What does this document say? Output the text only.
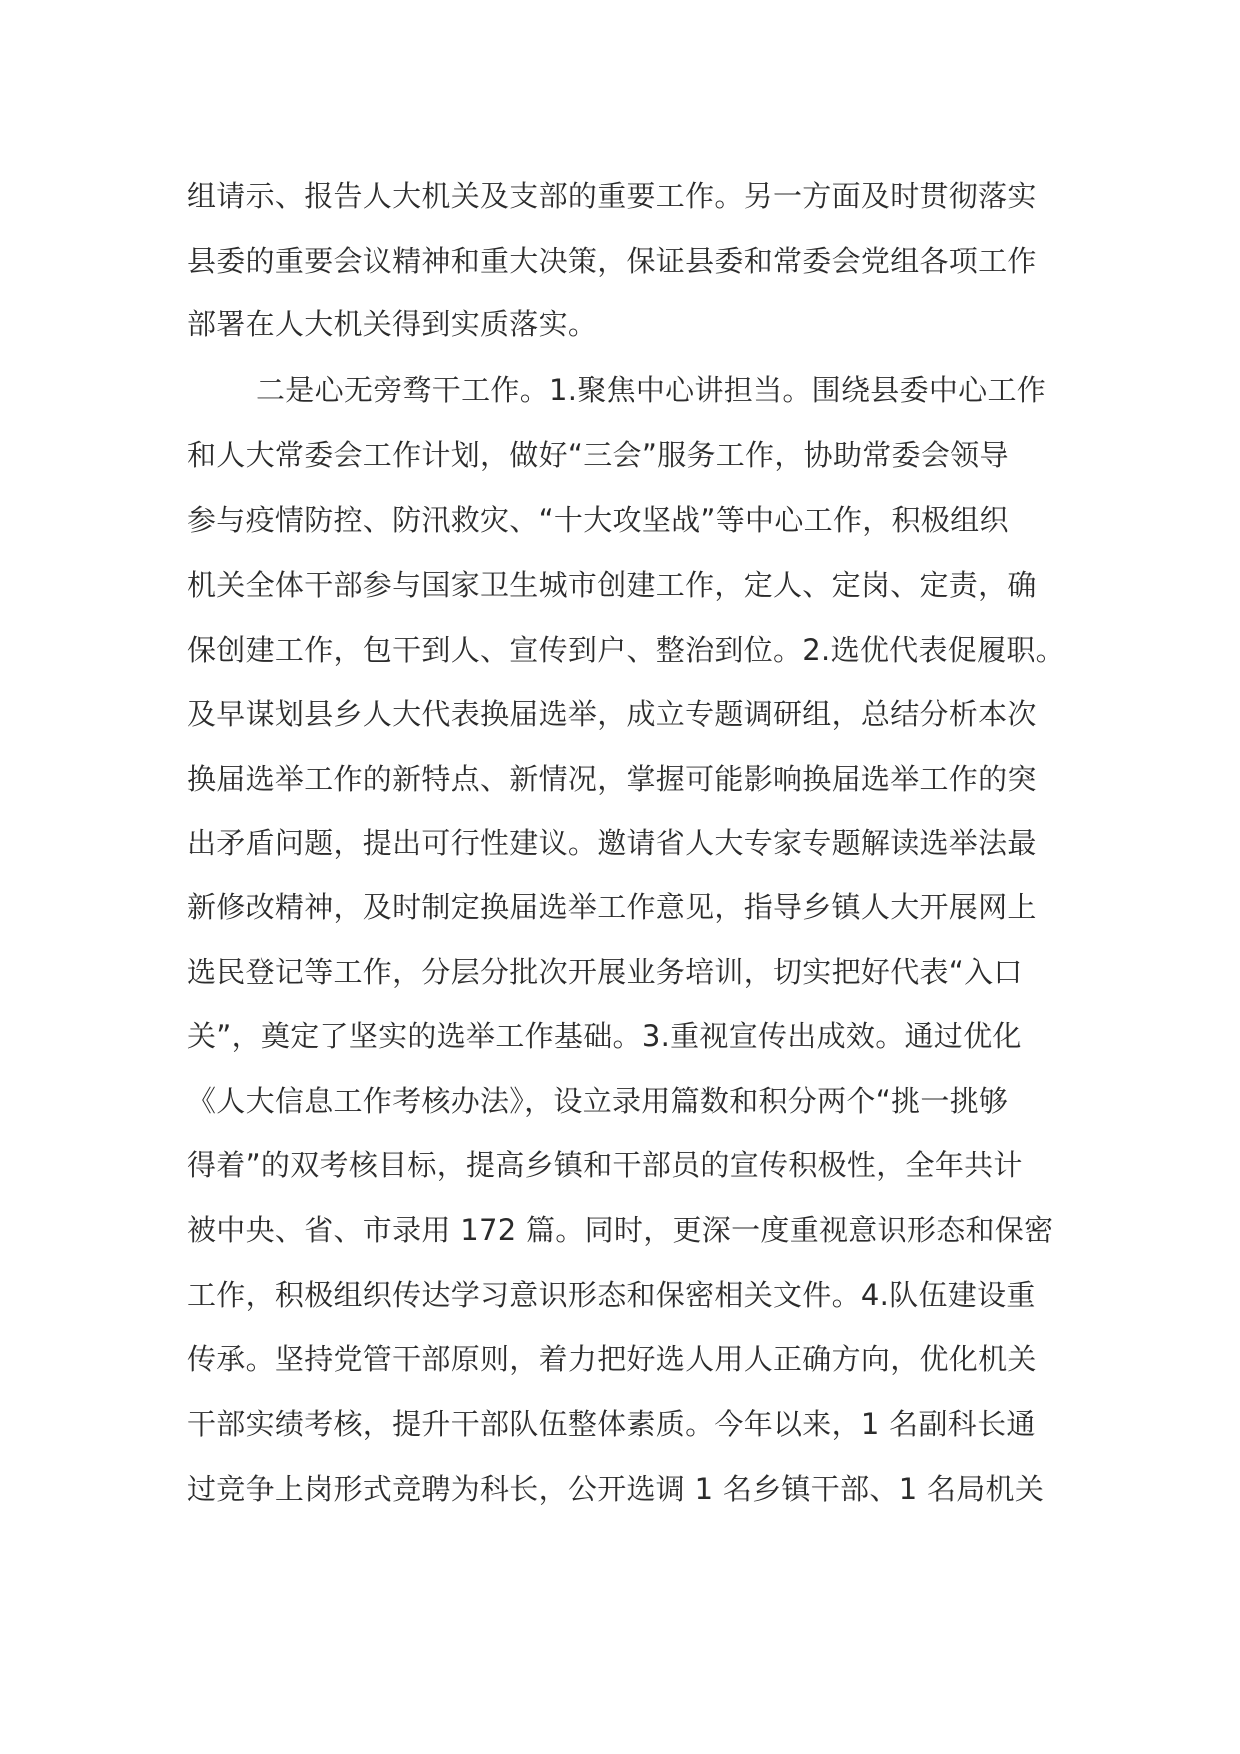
组请示、报告人大机关及支部的重要工作。另一方面及时贯彻落实
县委的重要会议精神和重大决策，保证县委和常委会党组各项工作
部署在人大机关得到实质落实。
二是心无旁骛干工作。1.聚焦中心讲担当。围绕县委中心工作
和人大常委会工作计划，做好“三会”服务工作，协助常委会领导
参与疫情防控、防汛救灾、“十大攻坚战”等中心工作，积极组织
机关全体干部参与国家卫生城市创建工作，定人、定岗、定责，确
保创建工作，包干到人、宣传到户、整治到位。2.选优代表促履职。
及早谋划县乡人大代表换届选举，成立专题调研组，总结分析本次
换届选举工作的新特点、新情况，掌握可能影响换届选举工作的突
出矛盾问题，提出可行性建议。邀请省人大专家专题解读选举法最
新修改精神，及时制定换届选举工作意见，指导乡镇人大开展网上
选民登记等工作，分层分批次开展业务培训，切实把好代表“入口
关”，奠定了坚实的选举工作基础。3.重视宣传出成效。通过优化
《人大信息工作考核办法》，设立录用篇数和积分两个“挑一挑够
得着”的双考核目标，提高乡镇和干部员的宣传积极性，全年共计
被中央、省、市录用 172 篇。同时，更深一度重视意识形态和保密
工作，积极组织传达学习意识形态和保密相关文件。4.队伍建设重
传承。坚持党管干部原则，着力把好选人用人正确方向，优化机关
干部实绩考核，提升干部队伍整体素质。今年以来，1 名副科长通
过竞争上岗形式竞聘为科长，公开选调 1 名乡镇干部、1 名局机关
